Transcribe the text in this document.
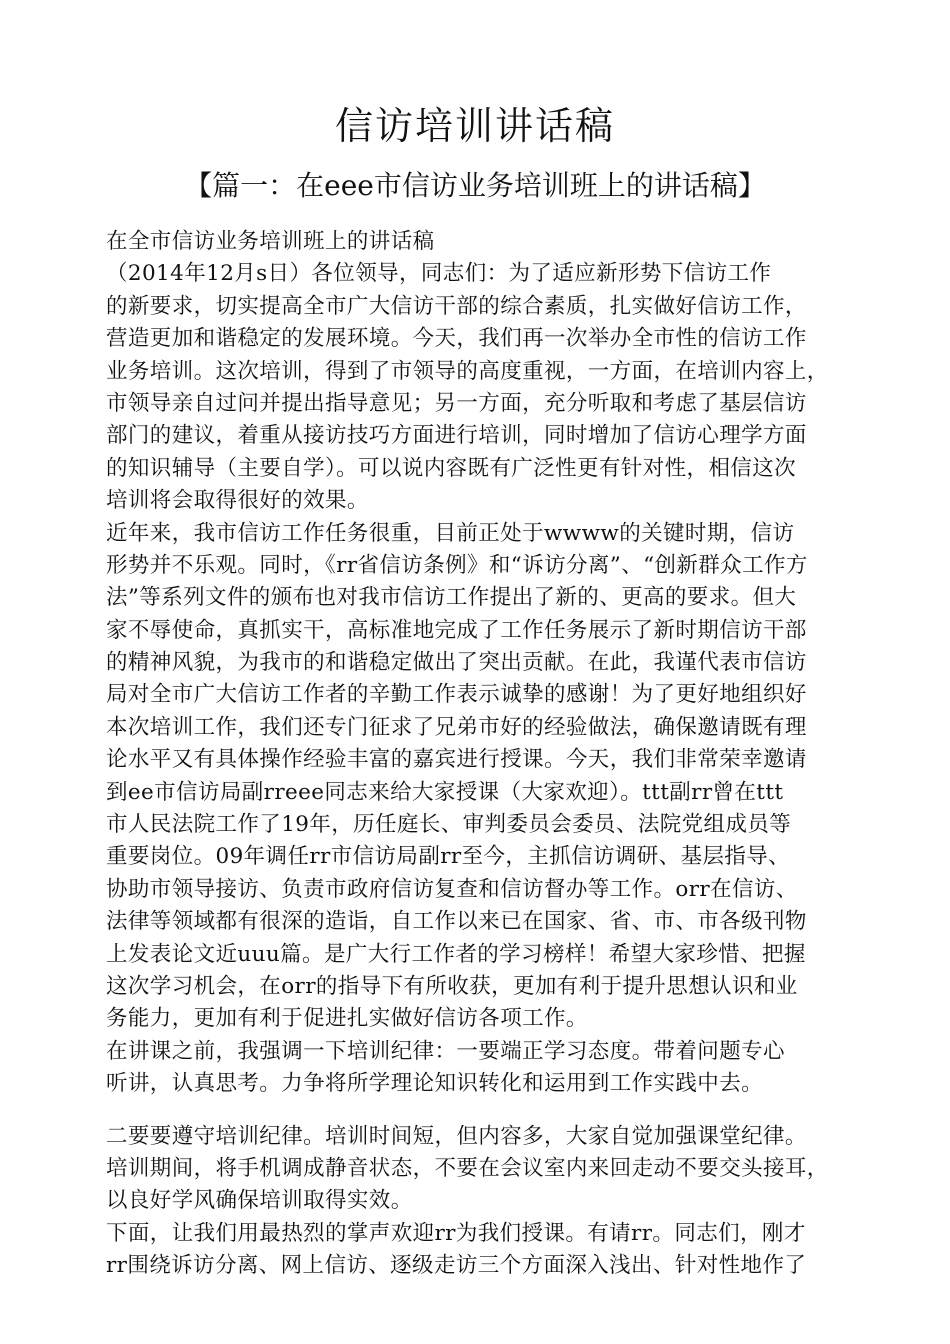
信访培训讲话稿
【篇一：在eee市信访业务培训班上的讲话稿】
在全市信访业务培训班上的讲话稿
（2014年12月s日）各位领导，同志们：为了适应新形势下信访工作
的新要求，切实提高全市广大信访干部的综合素质，扎实做好信访工作，
营造更加和谐稳定的发展环境。今天，我们再一次举办全市性的信访工作
业务培训。这次培训，得到了市领导的高度重视，一方面，在培训内容上，
市领导亲自过问并提出指导意见；另一方面，充分听取和考虑了基层信访
部门的建议，着重从接访技巧方面进行培训，同时增加了信访心理学方面
的知识辅导（主要自学）。可以说内容既有广泛性更有针对性，相信这次
培训将会取得很好的效果。
近年来，我市信访工作任务很重，目前正处于wwww的关键时期，信访
形势并不乐观。同时，《rr省信访条例》和“诉访分离”、“创新群众工作方
法”等系列文件的颁布也对我市信访工作提出了新的、更高的要求。但大
家不辱使命，真抓实干，高标准地完成了工作任务展示了新时期信访干部
的精神风貌，为我市的和谐稳定做出了突出贡献。在此，我谨代表市信访
局对全市广大信访工作者的辛勤工作表示诚挚的感谢！为了更好地组织好
本次培训工作，我们还专门征求了兄弟市好的经验做法，确保邀请既有理
论水平又有具体操作经验丰富的嘉宾进行授课。今天，我们非常荣幸邀请
到ee市信访局副rreee同志来给大家授课（大家欢迎）。ttt副rr曾在ttt
市人民法院工作了19年，历任庭长、审判委员会委员、法院党组成员等
重要岗位。09年调任rr市信访局副rr至今，主抓信访调研、基层指导、
协助市领导接访、负责市政府信访复查和信访督办等工作。orr在信访、
法律等领域都有很深的造诣，自工作以来已在国家、省、市、市各级刊物
上发表论文近uuu篇。是广大行工作者的学习榜样！希望大家珍惜、把握
这次学习机会，在orr的指导下有所收获，更加有利于提升思想认识和业
务能力，更加有利于促进扎实做好信访各项工作。
在讲课之前，我强调一下培训纪律：一要端正学习态度。带着问题专心
听讲，认真思考。力争将所学理论知识转化和运用到工作实践中去。
二要要遵守培训纪律。培训时间短，但内容多，大家自觉加强课堂纪律。
培训期间，将手机调成静音状态，不要在会议室内来回走动不要交头接耳，
以良好学风确保培训取得实效。
下面，让我们用最热烈的掌声欢迎rr为我们授课。有请rr。同志们，刚才
rr围绕诉访分离、网上信访、逐级走访三个方面深入浅出、针对性地作了
